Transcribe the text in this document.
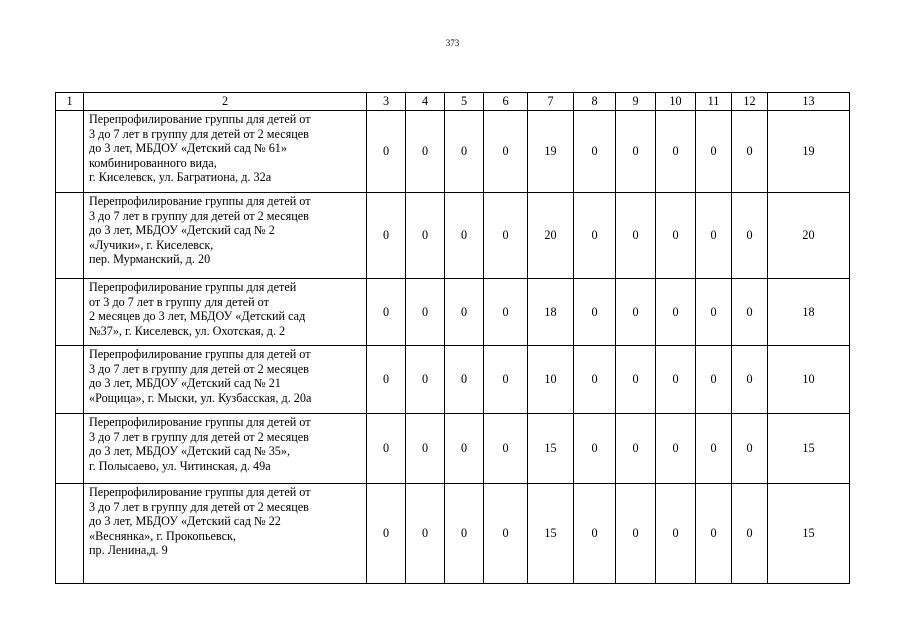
373
1	2	3	4	5	6	7	8	9	10	11	12	13

	Перепрофилирование группы для детей от
3 до 7 лет в группу для детей от 2 месяцев
до 3 лет, МБДОУ «Детский сад № 61»
комбинированного вида,
г. Киселевск, ул. Багратиона, д. 32а	0	0	0	0	19	0	0	0	0	0	19

	Перепрофилирование группы для детей от
3 до 7 лет в группу для детей от 2 месяцев
до 3 лет, МБДОУ «Детский сад № 2
«Лучики», г. Киселевск,
пер. Мурманский, д. 20	0	0	0	0	20	0	0	0	0	0	20

	Перепрофилирование группы для детей
от 3 до 7 лет в группу для детей от
2 месяцев до 3 лет, МБДОУ «Детский сад
№37», г. Киселевск, ул. Охотская, д. 2	0	0	0	0	18	0	0	0	0	0	18

	Перепрофилирование группы для детей от
3 до 7 лет в группу для детей от 2 месяцев
до 3 лет, МБДОУ «Детский сад № 21
«Рощица», г. Мыски, ул. Кузбасская, д. 20а	0	0	0	0	10	0	0	0	0	0	10

	Перепрофилирование группы для детей от
3 до 7 лет в группу для детей от 2 месяцев
до 3 лет, МБДОУ «Детский сад № 35»,
г. Полысаево, ул. Читинская, д. 49а	0	0	0	0	15	0	0	0	0	0	15

	Перепрофилирование группы для детей от
3 до 7 лет в группу для детей от 2 месяцев
до 3 лет, МБДОУ «Детский сад № 22
«Веснянка», г. Прокопьевск,
пр. Ленина,д. 9	0	0	0	0	15	0	0	0	0	0	15
